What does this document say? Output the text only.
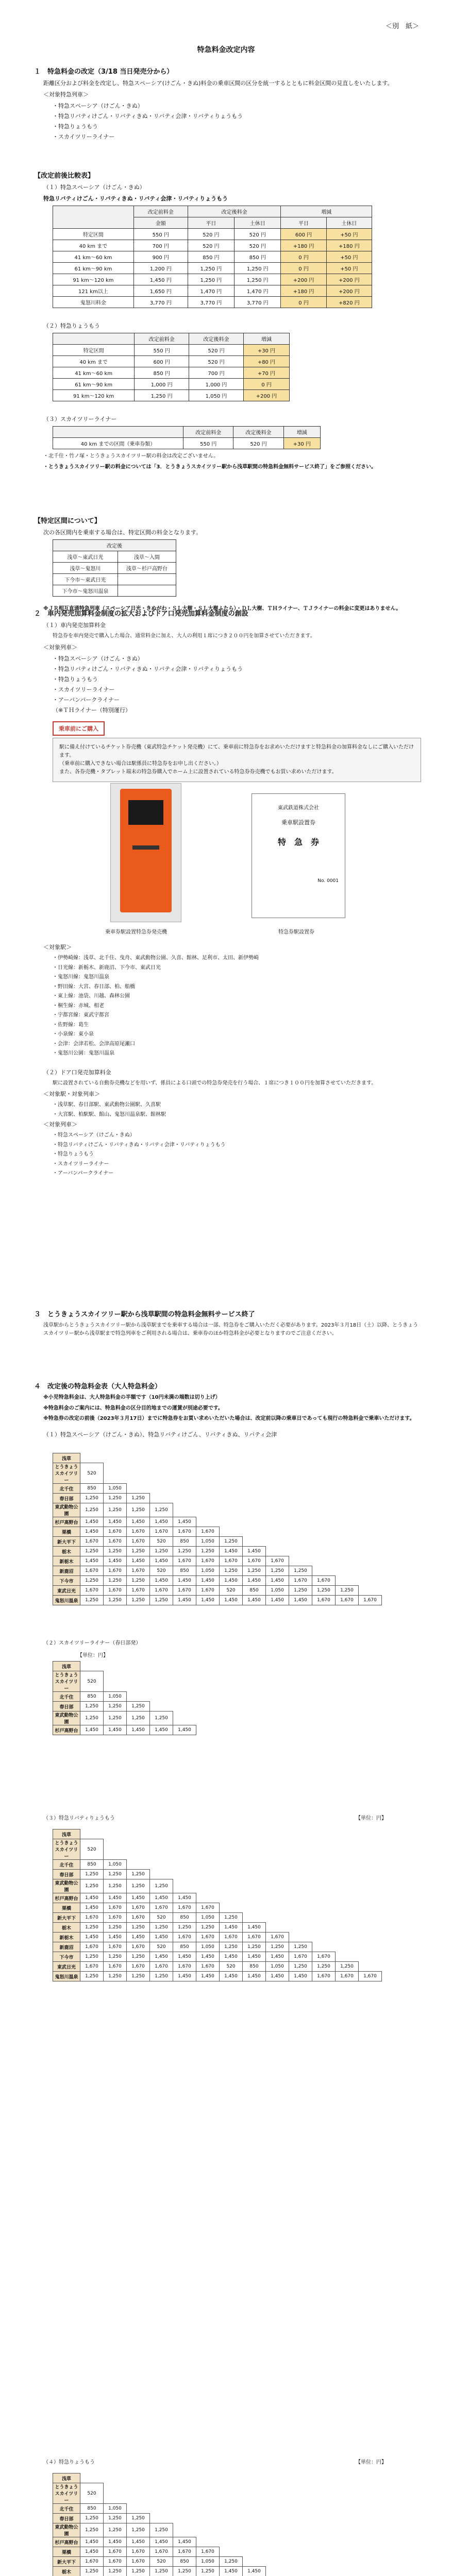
＜別　紙＞
特急料金改定内容
１　特急料金の改定（3/18 当日発売分から）
距離区分および料金を改定し、特急スペーシア(けごん・きぬ)料金の乗車区間の区分を統一するとともに料金区間の見直しをいたします。
＜対象特急列車＞
・特急スペーシア（けごん・きぬ）
・特急リバティけごん・リバティきぬ・リバティ会津・リバティりょうもう
・特急りょうもう
・スカイツリーライナー
【改定前後比較表】
（１）特急スペーシア（けごん・きぬ）
特急リバティけごん・リバティきぬ・リバティ会津・リバティりょうもう
	改定前料金	改定後料金		増減	
	金額	平日	土休日	平日	土休日
特定区間	550 円	520 円	520 円	600 円	+50 円
40 km まで	700 円	520 円	520 円	+180 円	+180 円
41 km〜60 km	900 円	850 円	850 円	0 円	+50 円
61 km〜90 km	1,200 円	1,250 円	1,250 円	0 円	+50 円
91 km〜120 km	1,450 円	1,250 円	1,250 円	+200 円	+200 円
121 km以上	1,650 円	1,470 円	1,470 円	+180 円	+200 円
鬼怒川料金	3,770 円	3,770 円	3,770 円	0 円	+820 円
（２）特急りょうもう
	改定前料金	改定後料金	増減
特定区間	550 円	520 円	+30 円
40 km まで	600 円	520 円	+80 円
41 km〜60 km	850 円	700 円	+70 円
61 km〜90 km	1,000 円	1,000 円	0 円
91 km〜120 km	1,250 円	1,050 円	+200 円
（３）スカイツリーライナー
	改定前料金	改定後料金	増減
40 km までの区間（乗車券類）	550 円	520 円	+30 円
・北千住・竹ノ塚・とうきょうスカイツリー駅の料金は改定ございません。
・とうきょうスカイツリー駅の料金については「3．とうきょうスカイツリー駅から浅草駅間の特急料金無料サービス終了」をご参照ください。
【特定区間について】
次の各区間内を乗車する場合は、特定区間の料金となります。
改定後	
浅草〜東武日光	浅草〜入間
浅草〜鬼怒川	浅草〜杉戸高野台
下今市〜東武日光	
下今市〜鬼怒川温泉	
※ＪＲ相互直通特急列車（スペーシア日光・きぬがわ・ＳＬ大樹・ＳＬ大樹ふたら）・ＤＬ大樹、ＴＨライナー、ＴＪライナーの料金に変更はありません。
２　車内発売加算料金制度の拡大およびドア口発売加算料金制度の創設
（１）車内発売加算料金
特急券を車内発売で購入した場合、通常料金に加え、大人の利用１席につき２００円を加算させていただきます。
＜対象列車＞
・特急スペーシア（けごん・きぬ）
・特急リバティけごん・リバティきぬ・リバティ会津・リバティりょうもう
・特急りょうもう
・スカイツリーライナー
・アーバンパークライナー
（※ＴＨライナー（特別運行）
乗車前にご購入
駅に備え付けているチケット券売機（東武特急チケット発売機）にて、乗車前に特急券をお求めいただけますと特急料金の加算料金なしにご購入いただけます。
（乗車前に購入できない場合は駅係員に特急券をお申し出ください。）
また、各券売機・タブレット端末の特急券購入でホーム上に設置されている特急券券売機でもお買い求めいただけます。
乗車券駅設置特急券発売機
東武鉄道株式会社
乗車駅設置券
特　急　券
No. 0001
特急券駅設置券
＜対象駅＞
・伊勢崎線：浅草、北千住、曳舟、東武動物公園、久喜、館林、足利市、太田、新伊勢崎
・日光線：新栃木、新鹿沼、下今市、東武日光
・鬼怒川線：鬼怒川温泉
・野田線：大宮、春日部、柏、船橋
・東上線：池袋、川越、森林公園
・桐生線：赤城、相老
・宇都宮線：東武宇都宮
・佐野線：葛生
・小泉線：東小泉
・会津：会津若松、会津高原尾瀬口
・鬼怒川公園：鬼怒川温泉
（２）ドア口発売加算料金
駅に設置されている自動券売機などを用いず、係員による口頭での特急券発売を行う場合、１席につき１００円を加算させていただきます。
＜対象駅・対象列車＞
・浅草駅、春日部駅、東武動物公園駅、久喜駅
・大宮駅、柏駅駅、館山、鬼怒川温泉駅、館林駅
＜対象列車＞
・特急スペーシア（けごん・きぬ）
・特急リバティけごん・リバティきぬ・リバティ会津・リバティりょうもう
・特急りょうもう
・スカイツリーライナー
・アーバンパークライナー
３　とうきょうスカイツリー駅から浅草駅間の特急料金無料サービス終了
浅草駅からとうきょうスカイツリー駅から浅草駅までを乗車する場合は一部、特急券をご購入いただく必要があります。2023年３月18日（土）以降、とうきょうスカイツリー駅から浅草駅まで特急列車をご利用される場合は、乗車券のほか特急料金が必要となりますのでご注意ください。
４　改定後の特急料金表（大人特急料金）
※小児特急料金は、大人特急料金の半額です（10円未満の端数は切り上げ）
※特急料金のご案内には、特急料金の区分目的地までの運賃が別途必要です。
※特急券の改定の前後（2023年３月17日）までに特急券をお買い求めいただいた場合は、改定前以降の乗車日であっても現行の特急料金で乗車いただけます。
（１）特急スペーシア（けごん・きぬ）、特急リバティけごん、リバティきぬ、リバティ会津
浅草													
とうきょうスカイツリー	520												
北千住	850	1,050											
春日部	1,250	1,250	1,250										
東武動物公園	1,250	1,250	1,250	1,250									
杉戸高野台	1,450	1,450	1,450	1,450	1,450								
栗橋	1,450	1,670	1,670	1,670	1,670	1,670							
新大平下	1,670	1,670	1,670	520	850	1,050	1,250						
栃木	1,250	1,250	1,250	1,250	1,250	1,250	1,450	1,450					
新栃木	1,450	1,450	1,450	1,450	1,670	1,670	1,670	1,670	1,670				
新鹿沼	1,670	1,670	1,670	520	850	1,050	1,250	1,250	1,250	1,250			
下今市	1,250	1,250	1,250	1,450	1,450	1,450	1,450	1,450	1,450	1,670	1,670		
東武日光	1,670	1,670	1,670	1,670	1,670	1,670	520	850	1,050	1,250	1,250	1,250	
鬼怒川温泉	1,250	1,250	1,250	1,250	1,450	1,450	1,450	1,450	1,450	1,450	1,670	1,670	1,670
（２）スカイツリーライナー（春日部発）
【単位：円】
浅草					
とうきょうスカイツリー	520				
北千住	850	1,050			
春日部	1,250	1,250	1,250		
東武動物公園	1,250	1,250	1,250	1,250	
杉戸高野台	1,450	1,450	1,450	1,450	1,450
（３）特急リバティりょうもう	【単位：円】
浅草													
とうきょうスカイツリー	520												
北千住	850	1,050											
春日部	1,250	1,250	1,250										
東武動物公園	1,250	1,250	1,250	1,250									
杉戸高野台	1,450	1,450	1,450	1,450	1,450								
栗橋	1,450	1,670	1,670	1,670	1,670	1,670							
新大平下	1,670	1,670	1,670	520	850	1,050	1,250						
栃木	1,250	1,250	1,250	1,250	1,250	1,250	1,450	1,450					
新栃木	1,450	1,450	1,450	1,450	1,670	1,670	1,670	1,670	1,670				
新鹿沼	1,670	1,670	1,670	520	850	1,050	1,250	1,250	1,250	1,250			
下今市	1,250	1,250	1,250	1,450	1,450	1,450	1,450	1,450	1,450	1,670	1,670		
東武日光	1,670	1,670	1,670	1,670	1,670	1,670	520	850	1,050	1,250	1,250	1,250	
鬼怒川温泉	1,250	1,250	1,250	1,250	1,450	1,450	1,450	1,450	1,450	1,450	1,670	1,670	1,670
（４）特急りょうもう	【単位：円】
浅草													
とうきょうスカイツリー	520												
北千住	850	1,050											
春日部	1,250	1,250	1,250										
東武動物公園	1,250	1,250	1,250	1,250									
杉戸高野台	1,450	1,450	1,450	1,450	1,450								
栗橋	1,450	1,670	1,670	1,670	1,670	1,670							
新大平下	1,670	1,670	1,670	520	850	1,050	1,250						
栃木	1,250	1,250	1,250	1,250	1,250	1,250	1,450	1,450					
